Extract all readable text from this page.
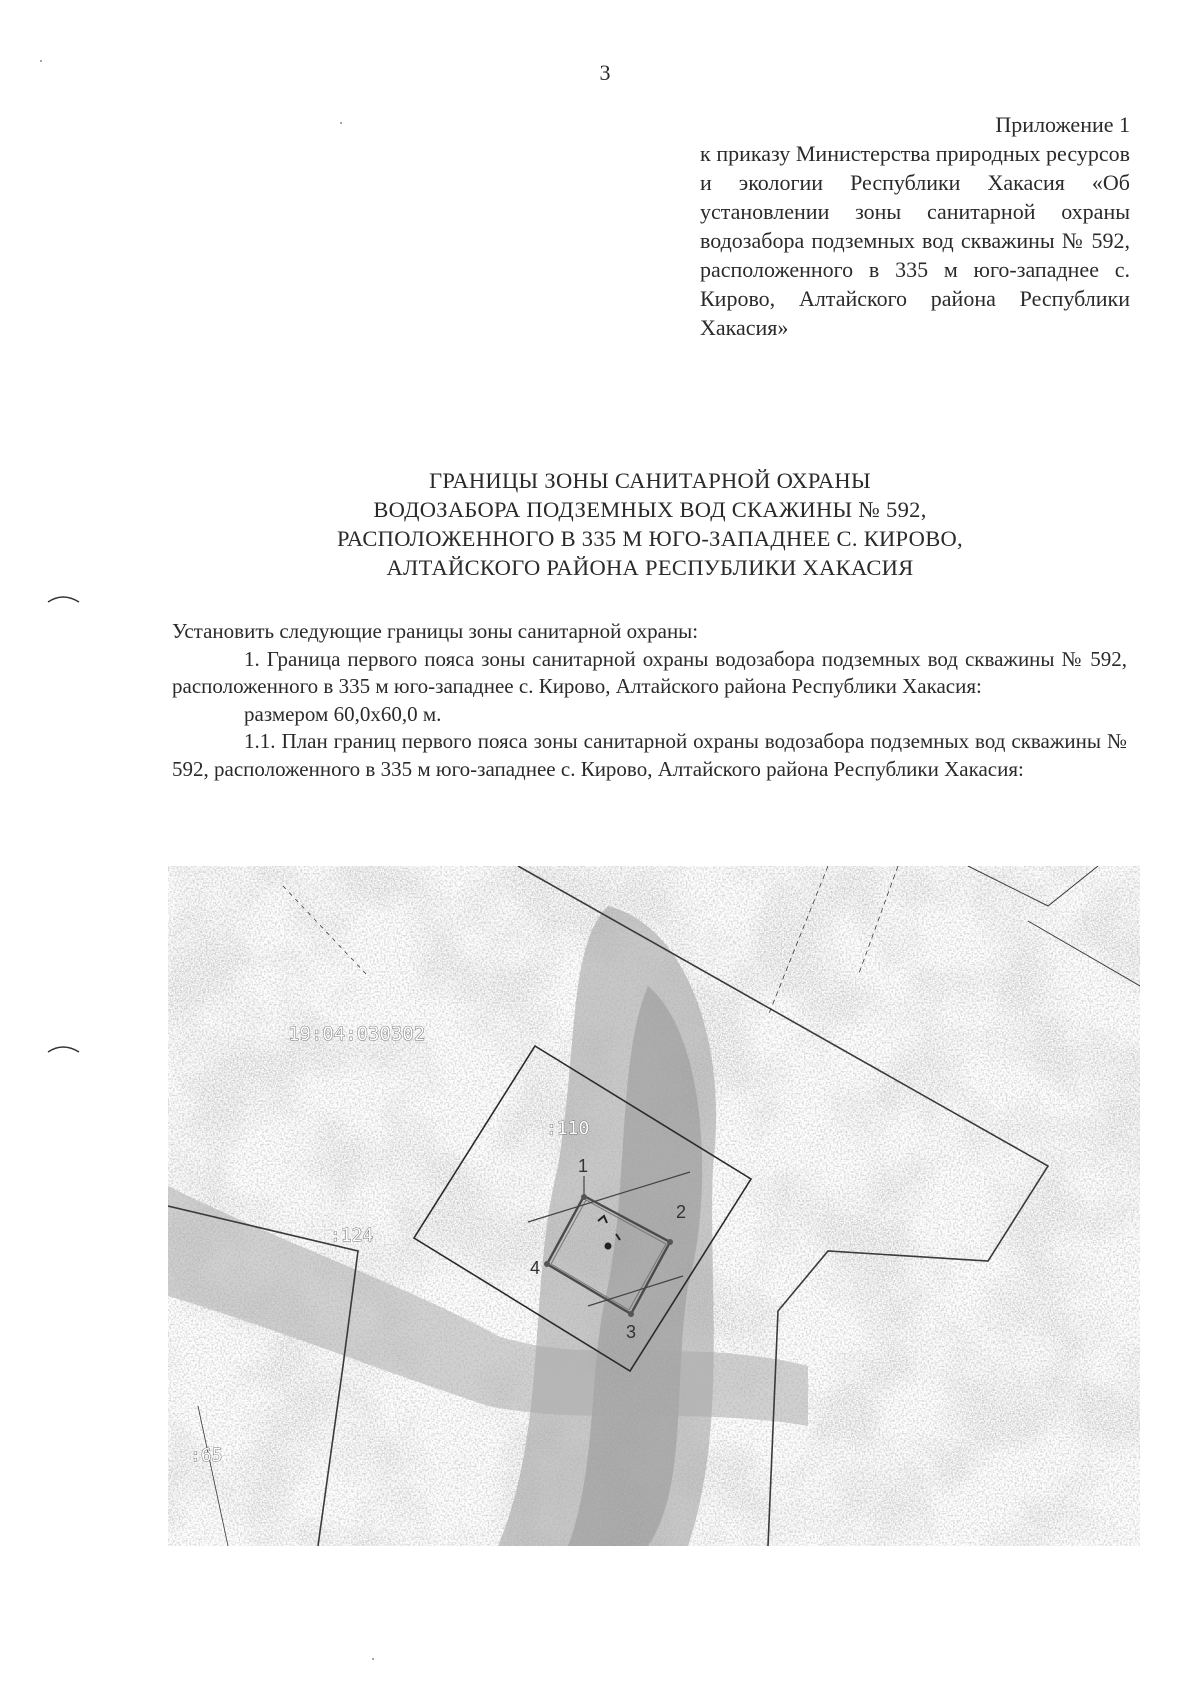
3
Приложение 1
к приказу Министерства природных ресурсов и экологии Республики Хакасия «Об установлении зоны санитарной охраны водозабора подземных вод скважины № 592, расположенного в 335 м юго-западнее с. Кирово, Алтайского района Республики Хакасия»
ГРАНИЦЫ ЗОНЫ САНИТАРНОЙ ОХРАНЫ
ВОДОЗАБОРА ПОДЗЕМНЫХ ВОД СКАЖИНЫ № 592,
РАСПОЛОЖЕННОГО В 335 М ЮГО-ЗАПАДНЕЕ С. КИРОВО,
АЛТАЙСКОГО РАЙОНА РЕСПУБЛИКИ ХАКАСИЯ

Установить следующие границы зоны санитарной охраны:

1. Граница первого пояса зоны санитарной охраны водозабора подземных вод скважины № 592, расположенного в 335 м юго-западнее с. Кирово, Алтайского района Республики Хакасия:

размером 60,0х60,0 м.

1.1. План границ первого пояса зоны санитарной охраны водозабора подземных вод скважины № 592, расположенного в 335 м юго-западнее с. Кирово, Алтайского района Республики Хакасия:

19:04:030302
:110
:124
:65
1
2
3
4
